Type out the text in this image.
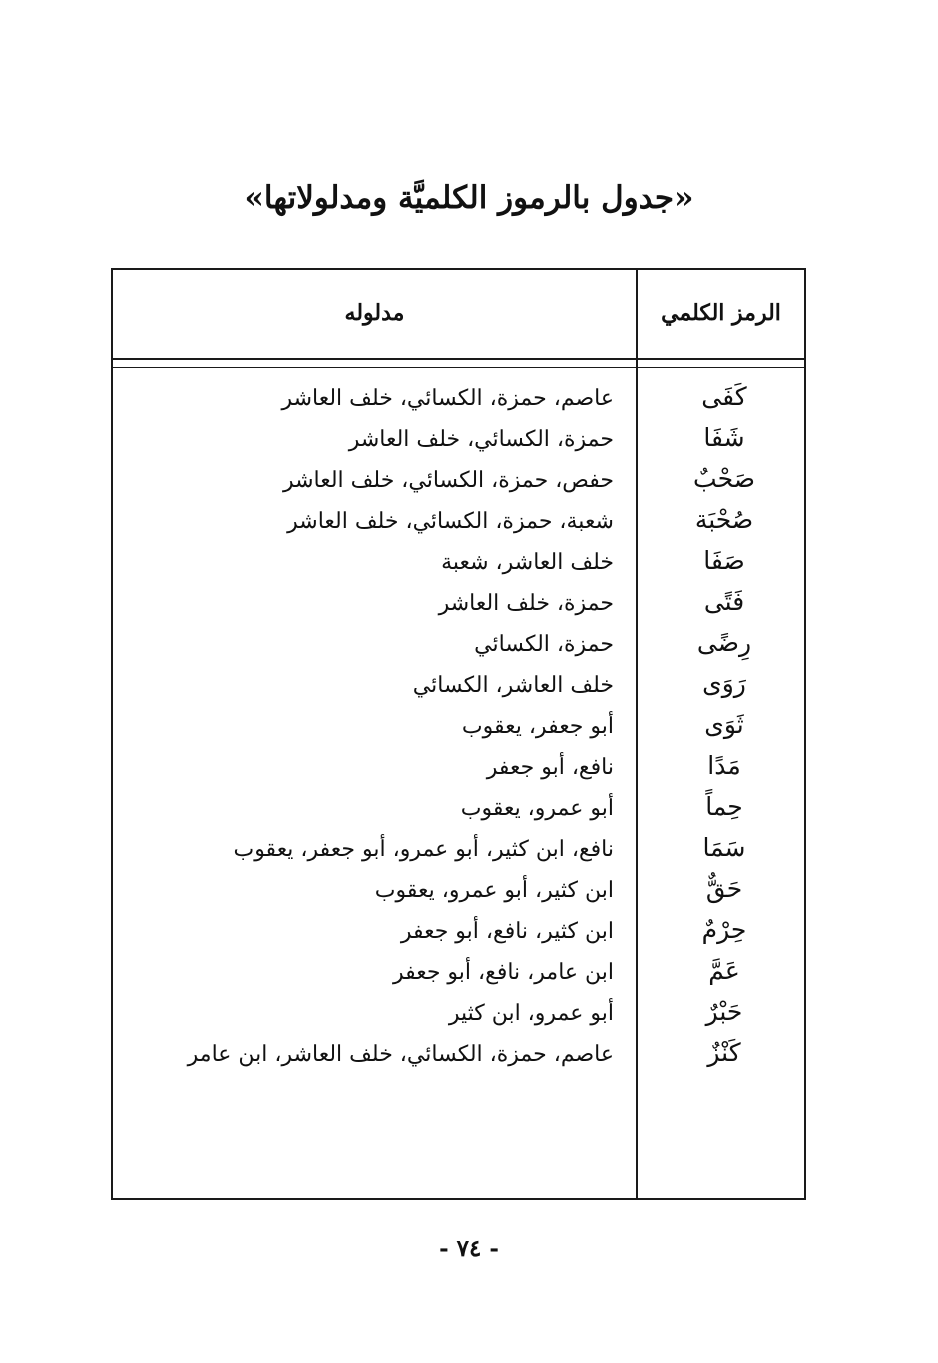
«جدول بالرموز الكلميَّة ومدلولاتها»
الرمز الكلمي
مدلوله
كَفَى
عاصم، حمزة، الكسائي، خلف العاشر
شَفَا
حمزة، الكسائي، خلف العاشر
صَحْبٌ
حفص، حمزة، الكسائي، خلف العاشر
صُحْبَة
شعبة، حمزة، الكسائي، خلف العاشر
صَفَا
خلف العاشر، شعبة
فَتًى
حمزة، خلف العاشر
رِضًى
حمزة، الكسائي
رَوَى
خلف العاشر، الكسائي
ثَوَى
أبو جعفر، يعقوب
مَدًا
نافع، أبو جعفر
حِماً
أبو عمرو، يعقوب
سَمَا
نافع، ابن كثير، أبو عمرو، أبو جعفر، يعقوب
حَقٌّ
ابن كثير، أبو عمرو، يعقوب
حِرْمٌ
ابن كثير، نافع، أبو جعفر
عَمَّ
ابن عامر، نافع، أبو جعفر
حَبْرٌ
أبو عمرو، ابن كثير
كَنْزٌ
عاصم، حمزة، الكسائي، خلف العاشر، ابن عامر
- ٧٤ -
